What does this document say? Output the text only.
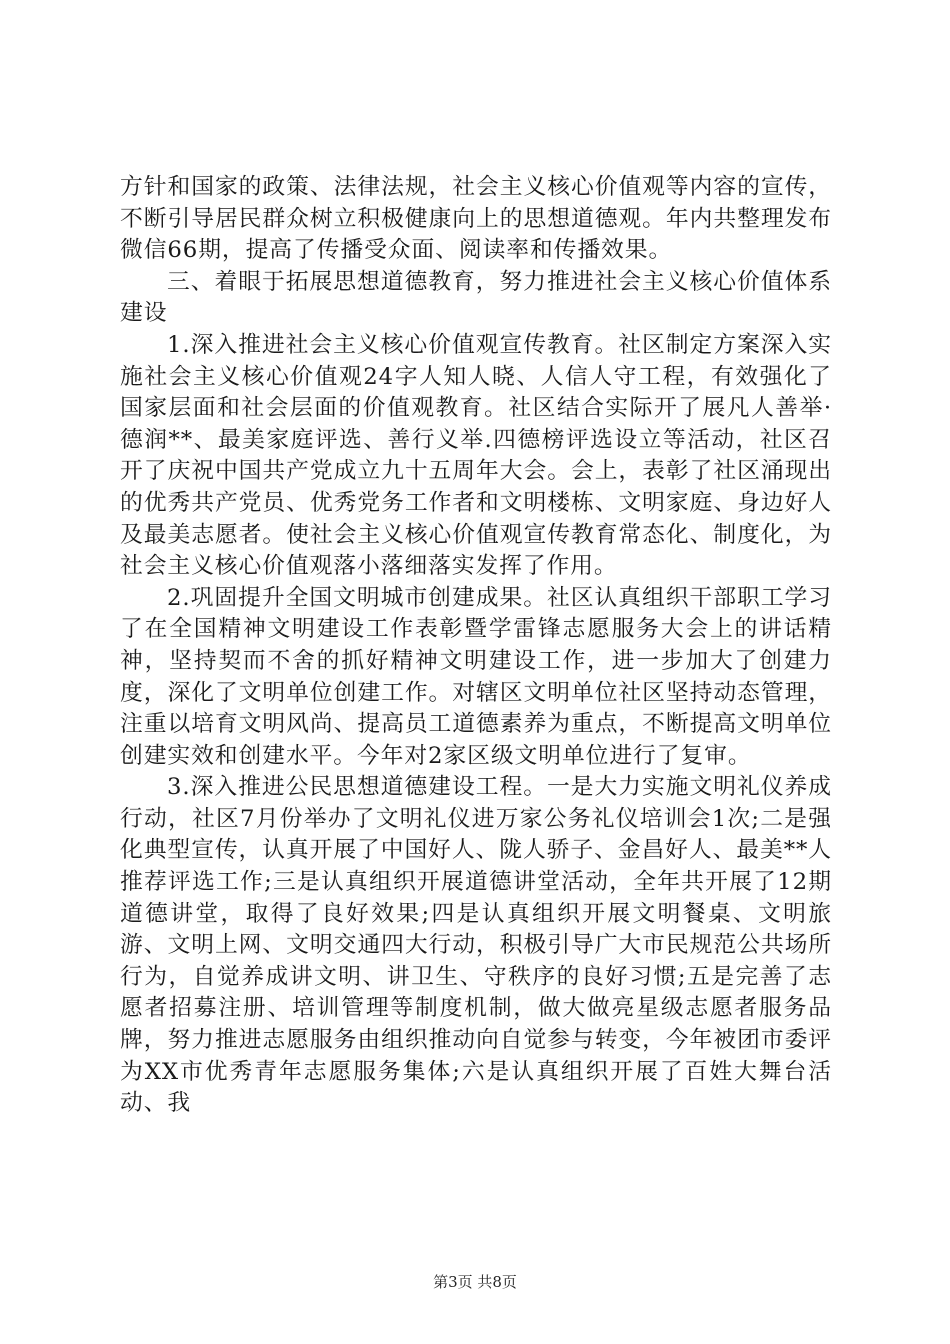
方针和国家的政策、法律法规，社会主义核心价值观等内容的宣传，不断引导居民群众树立积极健康向上的思想道德观。年内共整理发布微信66期，提高了传播受众面、阅读率和传播效果。

三、着眼于拓展思想道德教育，努力推进社会主义核心价值体系建设

1.深入推进社会主义核心价值观宣传教育。社区制定方案深入实施社会主义核心价值观24字人知人晓、人信人守工程，有效强化了国家层面和社会层面的价值观教育。社区结合实际开了展凡人善举·德润**、最美家庭评选、善行义举.四德榜评选设立等活动，社区召开了庆祝中国共产党成立九十五周年大会。会上，表彰了社区涌现出的优秀共产党员、优秀党务工作者和文明楼栋、文明家庭、身边好人及最美志愿者。使社会主义核心价值观宣传教育常态化、制度化，为社会主义核心价值观落小落细落实发挥了作用。

2.巩固提升全国文明城市创建成果。社区认真组织干部职工学习了在全国精神文明建设工作表彰暨学雷锋志愿服务大会上的讲话精神，坚持契而不舍的抓好精神文明建设工作，进一步加大了创建力度，深化了文明单位创建工作。对辖区文明单位社区坚持动态管理，注重以培育文明风尚、提高员工道德素养为重点，不断提高文明单位创建实效和创建水平。今年对2家区级文明单位进行了复审。

3.深入推进公民思想道德建设工程。一是大力实施文明礼仪养成行动，社区7月份举办了文明礼仪进万家公务礼仪培训会1次;二是强化典型宣传，认真开展了中国好人、陇人骄子、金昌好人、最美**人推荐评选工作;三是认真组织开展道德讲堂活动，全年共开展了12期道德讲堂，取得了良好效果;四是认真组织开展文明餐桌、文明旅游、文明上网、文明交通四大行动，积极引导广大市民规范公共场所行为，自觉养成讲文明、讲卫生、守秩序的良好习惯;五是完善了志愿者招募注册、培训管理等制度机制，做大做亮星级志愿者服务品牌，努力推进志愿服务由组织推动向自觉参与转变，今年被团市委评为XX市优秀青年志愿服务集体;六是认真组织开展了百姓大舞台活动、我

第3页 共8页
